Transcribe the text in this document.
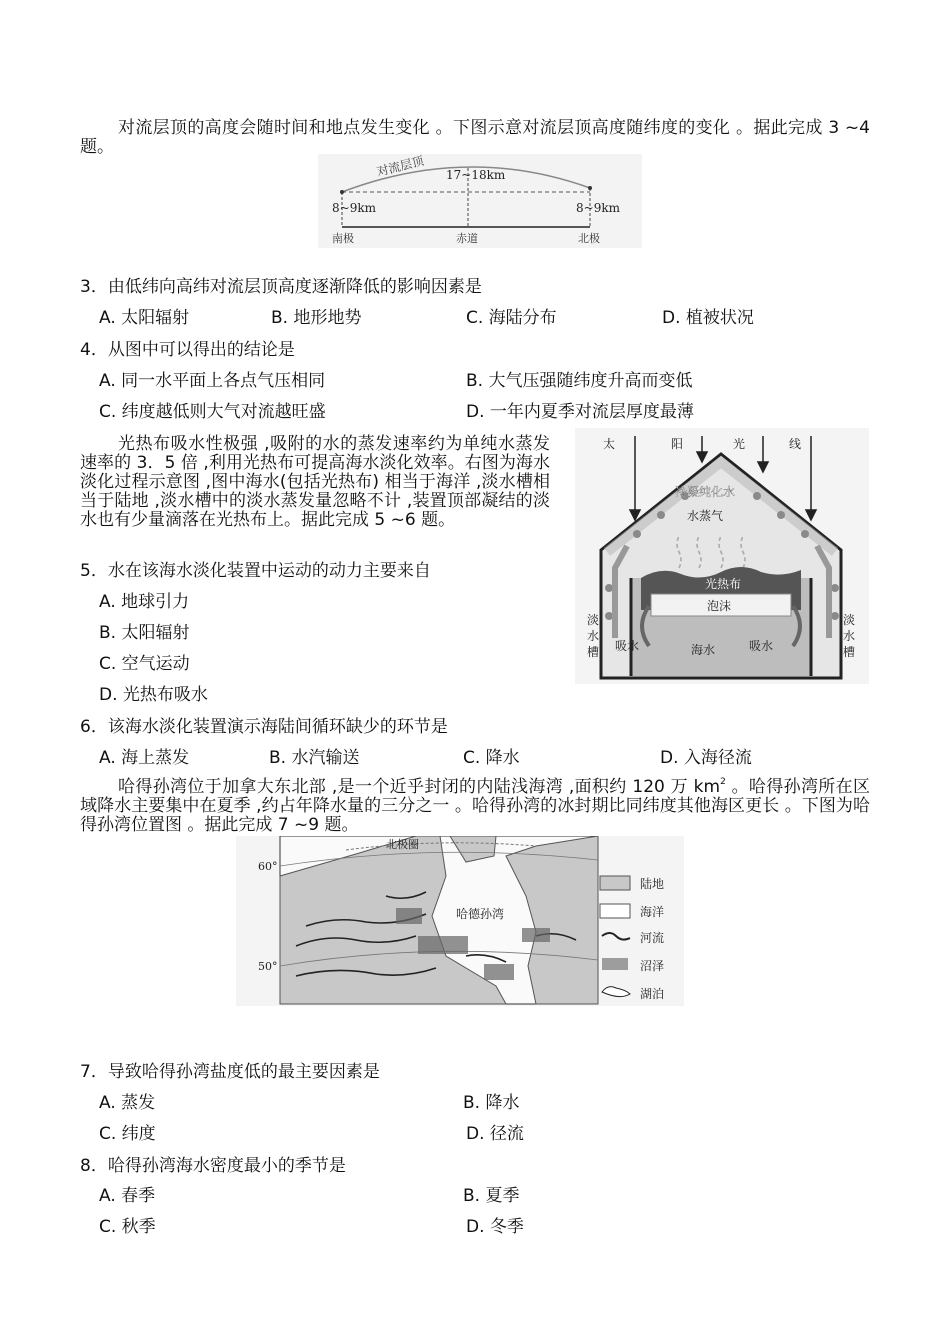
对流层顶的高度会随时间和地点发生变化 。下图示意对流层顶高度随纬度的变化 。据此完成 3 ~4 题。
对流层顶 17~18km
8~9km	8~9km
南极	赤道	北极
3．由低纬向高纬对流层顶高度逐渐降低的影响因素是
A. 太阳辐射	B. 地形地势	C. 海陆分布	D. 植被状况
4．从图中可以得出的结论是
A. 同一水平面上各点气压相同	B. 大气压强随纬度升高而变低
C. 纬度越低则大气对流越旺盛	D. 一年内夏季对流层厚度最薄
光热布吸水性极强 ,吸附的水的蒸发速率约为单纯水蒸发速率的 3．5 倍 ,利用光热布可提高海水淡化效率。右图为海水淡化过程示意图 ,图中海水(包括光热布) 相当于海洋 ,淡水槽相当于陆地 ,淡水槽中的淡水蒸发量忽略不计 ,装置顶部凝结的淡水也有少量滴落在光热布上。据此完成 5 ~6 题。
太	阳	光	线
冷凝纯化水
水蒸气
光热布
泡沫
吸水	吸水
海水
淡
水
槽
淡
水
槽
5．水在该海水淡化装置中运动的动力主要来自
A. 地球引力
B. 太阳辐射
C. 空气运动
D. 光热布吸水
6．该海水淡化装置演示海陆间循环缺少的环节是
A. 海上蒸发	B. 水汽输送	C. 降水	D. 入海径流
哈得孙湾位于加拿大东北部 ,是一个近乎封闭的内陆浅海湾 ,面积约 120 万 $km^2$ 。哈得孙湾所在区域降水主要集中在夏季 ,约占年降水量的三分之一 。哈得孙湾的冰封期比同纬度其他海区更长 。下图为哈得孙湾位置图 。据此完成 7 ~9 题。
北极圈
哈德孙湾
60°
50°
陆地
海洋
河流
沼泽
湖泊
7．导致哈得孙湾盐度低的最主要因素是
A. 蒸发	B. 降水
C. 纬度	D. 径流
8．哈得孙湾海水密度最小的季节是
A. 春季	B. 夏季
C. 秋季	D. 冬季
